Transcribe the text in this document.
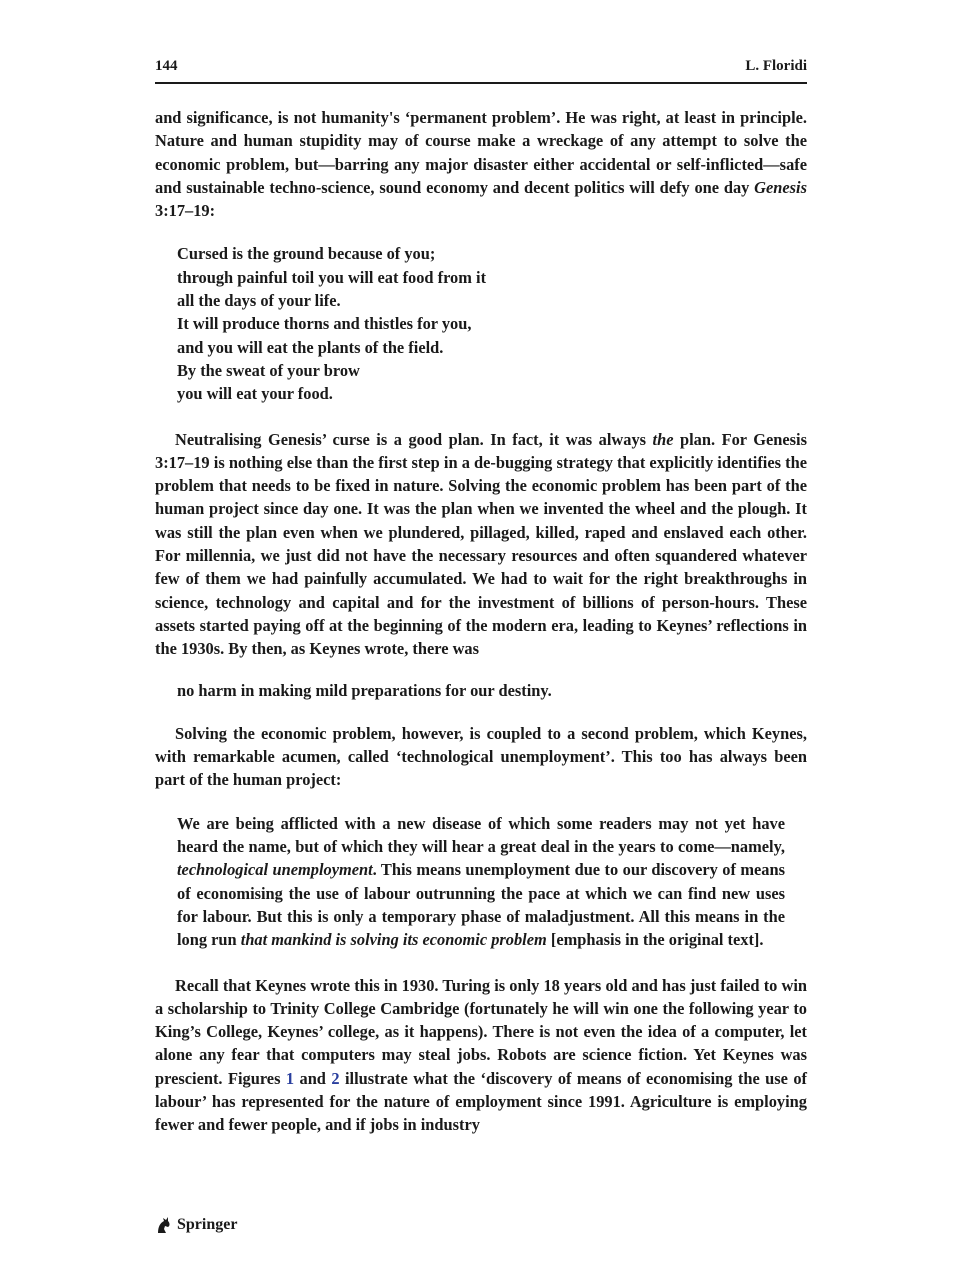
144	L. Floridi

and significance, is not humanity's ‘permanent problem’. He was right, at least in principle. Nature and human stupidity may of course make a wreckage of any attempt to solve the economic problem, but—barring any major disaster either accidental or self-inflicted—safe and sustainable techno-science, sound economy and decent politics will defy one day Genesis 3:17–19:

Cursed is the ground because of you;
through painful toil you will eat food from it
all the days of your life.
It will produce thorns and thistles for you,
and you will eat the plants of the field.
By the sweat of your brow
you will eat your food.

Neutralising Genesis’ curse is a good plan. In fact, it was always the plan. For Genesis 3:17–19 is nothing else than the first step in a de-bugging strategy that explicitly identifies the problem that needs to be fixed in nature. Solving the economic problem has been part of the human project since day one. It was the plan when we invented the wheel and the plough. It was still the plan even when we plundered, pillaged, killed, raped and enslaved each other. For millennia, we just did not have the necessary resources and often squandered whatever few of them we had painfully accumulated. We had to wait for the right breakthroughs in science, technology and capital and for the investment of billions of person-hours. These assets started paying off at the beginning of the modern era, leading to Keynes’ reflections in the 1930s. By then, as Keynes wrote, there was

no harm in making mild preparations for our destiny.

Solving the economic problem, however, is coupled to a second problem, which Keynes, with remarkable acumen, called ‘technological unemployment’. This too has always been part of the human project:

We are being afflicted with a new disease of which some readers may not yet have heard the name, but of which they will hear a great deal in the years to come—namely, technological unemployment. This means unemployment due to our discovery of means of economising the use of labour outrunning the pace at which we can find new uses for labour. But this is only a temporary phase of maladjustment. All this means in the long run that mankind is solving its economic problem [emphasis in the original text].

Recall that Keynes wrote this in 1930. Turing is only 18 years old and has just failed to win a scholarship to Trinity College Cambridge (fortunately he will win one the following year to King’s College, Keynes’ college, as it happens). There is not even the idea of a computer, let alone any fear that computers may steal jobs. Robots are science fiction. Yet Keynes was prescient. Figures 1 and 2 illustrate what the ‘discovery of means of economising the use of labour’ has represented for the nature of employment since 1991. Agriculture is employing fewer and fewer people, and if jobs in industry

Springer
